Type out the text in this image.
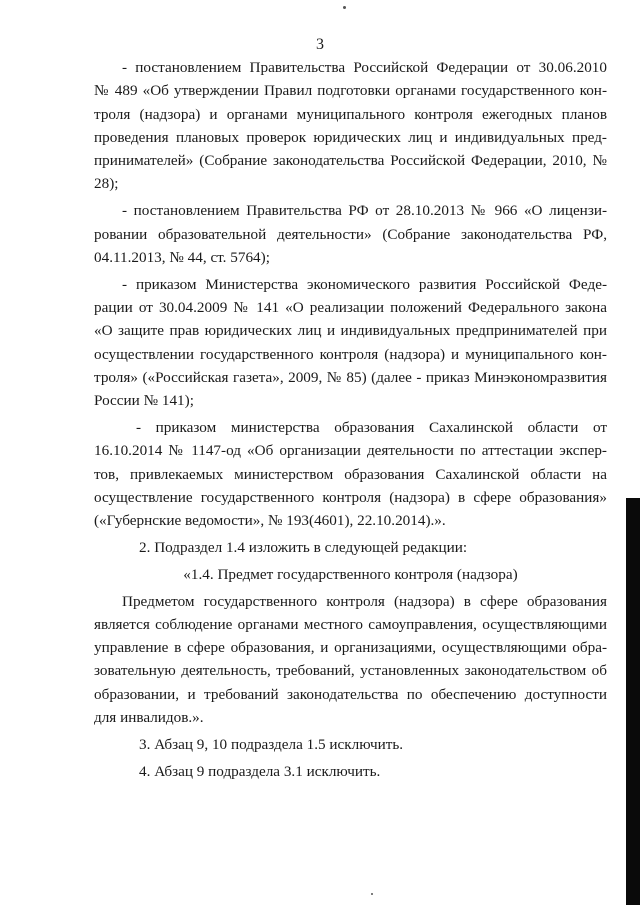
3
- постановлением Правительства Российской Федерации от 30.06.2010
№ 489 «Об утверждении Правил подготовки органами государственного кон-
троля (надзора) и органами муниципального контроля ежегодных планов
проведения плановых проверок юридических лиц и индивидуальных пред-
принимателей» (Собрание законодательства Российской Федерации, 2010, №
28);
- постановлением Правительства РФ от 28.10.2013 № 966 «О лицензи-
ровании образовательной деятельности» (Собрание законодательства РФ,
04.11.2013, № 44, ст. 5764);
- приказом Министерства экономического развития Российской Феде-
рации от 30.04.2009 № 141 «О реализации положений Федерального закона
«О защите прав юридических лиц и индивидуальных предпринимателей при
осуществлении государственного контроля (надзора) и муниципального кон-
троля» («Российская газета», 2009, № 85) (далее - приказ Минэкономразвития
России № 141);
- приказом министерства образования Сахалинской области от
16.10.2014 № 1147-од «Об организации деятельности по аттестации экспер-
тов, привлекаемых министерством образования Сахалинской области на
осуществление государственного контроля (надзора) в сфере образования»
(«Губернские ведомости», № 193(4601), 22.10.2014).».
2. Подраздел 1.4 изложить в следующей редакции:
«1.4. Предмет государственного контроля (надзора)
Предметом государственного контроля (надзора) в сфере образования
является соблюдение органами местного самоуправления, осуществляющими
управление в сфере образования, и организациями, осуществляющими обра-
зовательную деятельность, требований, установленных законодательством об
образовании, и требований законодательства по обеспечению доступности
для инвалидов.».
3. Абзац 9, 10 подраздела 1.5 исключить.
4. Абзац 9 подраздела 3.1 исключить.
